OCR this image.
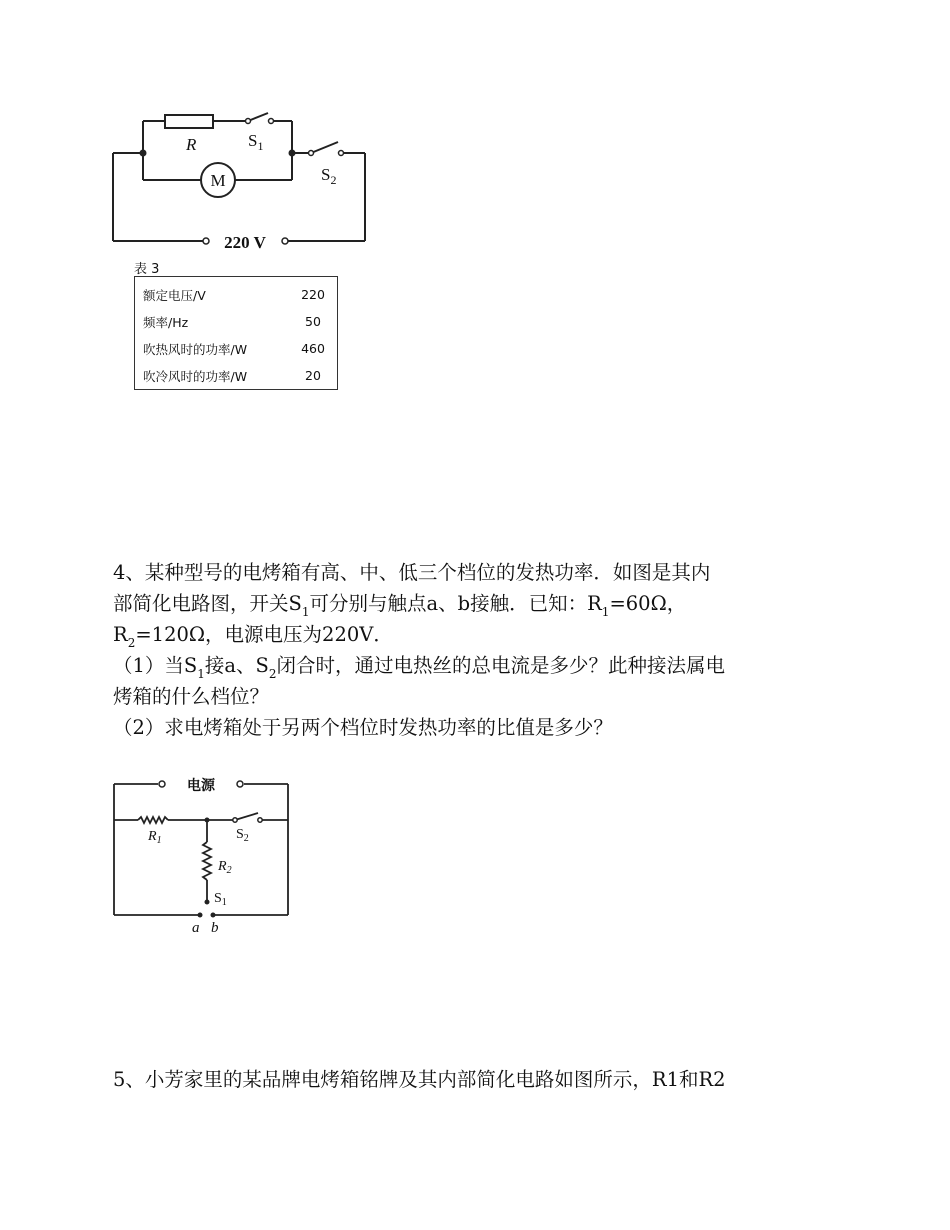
R	$S_1$
$S_2$
M
220 V
表 3
额定电压/V	220
频率/Hz	50
吹热风时的功率/W	460
吹冷风时的功率/W	20

4、某种型号的电烤箱有高、中、低三个档位的发热功率．如图是其内

部简化电路图，开关$S_1$可分别与触点a、b接触．已知：$R_1=60\Omega$，

$R_2=120\Omega$，电源电压为220V．

（1）当$S_1$接a、$S_2$闭合时，通过电热丝的总电流是多少？此种接法属电

烤箱的什么档位？

（2）求电烤箱处于另两个档位时发热功率的比值是多少？

电源
$R_1$	$S_2$
$R_2$
$S_1$
a b

5、小芳家里的某品牌电烤箱铭牌及其内部简化电路如图所示，R1和R2
